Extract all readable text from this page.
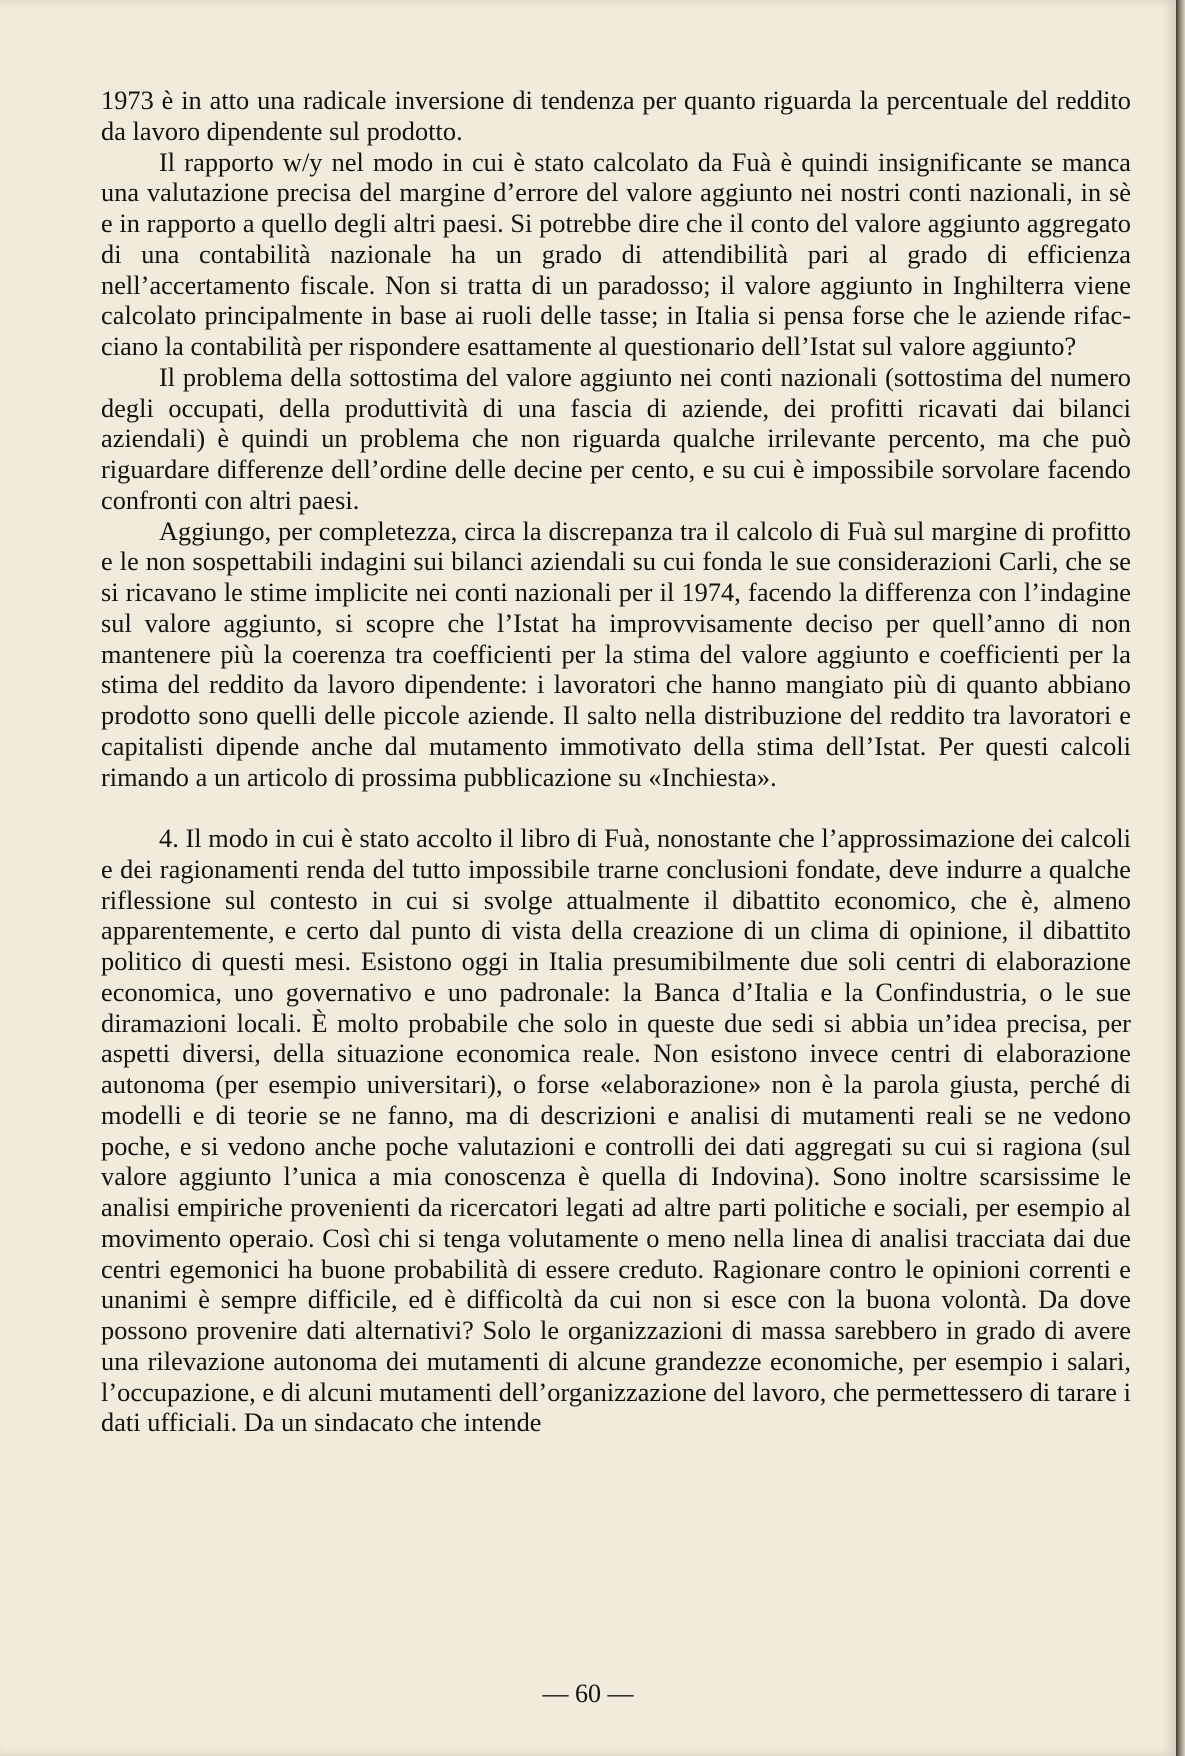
1973 è in atto una radicale inversione di tendenza per quanto riguarda la percentuale del reddito da lavoro dipendente sul prodotto.

Il rapporto w/y nel modo in cui è stato calcolato da Fuà è quindi insignificante se manca una valutazione precisa del margine d’errore del valore aggiunto nei nostri conti nazionali, in sè e in rapporto a quello degli altri paesi. Si potrebbe dire che il conto del valore aggiunto aggregato di una contabilità nazionale ha un grado di attendibilità pari al grado di efficienza nell’accertamento fiscale. Non si tratta di un paradosso; il valore aggiunto in Inghilterra viene calcolato principalmente in base ai ruoli delle tasse; in Italia si pensa forse che le aziende rifacciano la contabilità per rispondere esattamente al questionario dell’Istat sul valore aggiunto?

Il problema della sottostima del valore aggiunto nei conti nazionali (sottostima del numero degli occupati, della produttività di una fascia di aziende, dei profitti ricavati dai bilanci aziendali) è quindi un problema che non riguarda qualche irrilevante percento, ma che può riguardare differenze dell’ordine delle decine per cento, e su cui è impossibile sorvolare facendo confronti con altri paesi.

Aggiungo, per completezza, circa la discrepanza tra il calcolo di Fuà sul margine di profitto e le non sospettabili indagini sui bilanci aziendali su cui fonda le sue considerazioni Carli, che se si ricavano le stime implicite nei conti nazionali per il 1974, facendo la differenza con l’indagine sul valore aggiunto, si scopre che l’Istat ha improvvisamente deciso per quell’anno di non mantenere più la coerenza tra coefficienti per la stima del valore aggiunto e coefficienti per la stima del reddito da lavoro dipendente: i lavoratori che hanno mangiato più di quanto abbiano prodotto sono quelli delle piccole aziende. Il salto nella distribuzione del reddito tra lavoratori e capitalisti dipende anche dal mutamento immotivato della stima dell’Istat. Per questi calcoli rimando a un articolo di prossima pubblicazione su «Inchiesta».

4. Il modo in cui è stato accolto il libro di Fuà, nonostante che l’approssimazione dei calcoli e dei ragionamenti renda del tutto impossibile trarne conclusioni fondate, deve indurre a qualche riflessione sul contesto in cui si svolge attualmente il dibattito economico, che è, almeno apparentemente, e certo dal punto di vista della creazione di un clima di opinione, il dibattito politico di questi mesi. Esistono oggi in Italia presumibilmente due soli centri di elaborazione economica, uno governativo e uno padronale: la Banca d’Italia e la Confindustria, o le sue diramazioni locali. È molto probabile che solo in queste due sedi si abbia un’idea precisa, per aspetti diversi, della situazione economica reale. Non esistono invece centri di elaborazione autonoma (per esempio universitari), o forse «elaborazione» non è la parola giusta, perché di modelli e di teorie se ne fanno, ma di descrizioni e analisi di mutamenti reali se ne vedono poche, e si vedono anche poche valutazioni e controlli dei dati aggregati su cui si ragiona (sul valore aggiunto l’unica a mia conoscenza è quella di Indovina). Sono inoltre scarsissime le analisi empiriche provenienti da ricercatori legati ad altre parti politiche e sociali, per esempio al movimento operaio. Così chi si tenga volutamente o meno nella linea di analisi tracciata dai due centri egemonici ha buone probabilità di essere creduto. Ragionare contro le opinioni correnti e unanimi è sempre difficile, ed è difficoltà da cui non si esce con la buona volontà. Da dove possono provenire dati alternativi? Solo le organizzazioni di massa sarebbero in grado di avere una rilevazione autonoma dei mutamenti di alcune grandezze economiche, per esempio i salari, l’occupazione, e di alcuni mutamenti dell’organizzazione del lavoro, che permettessero di tarare i dati ufficiali. Da un sindacato che intende

— 60 —
